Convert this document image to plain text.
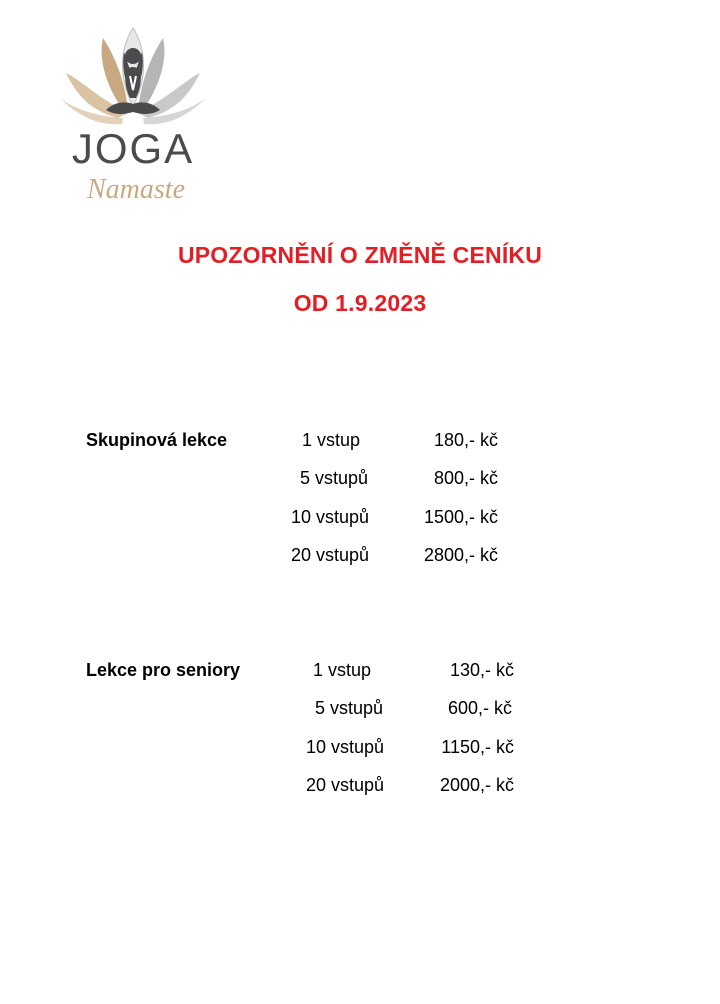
JOGA
Namaste
UPOZORNĚNÍ O ZMĚNĚ CENÍKU
OD 1.9.2023
Skupinová lekce	1 vstup	180,- kč
5 vstupů	800,- kč
10 vstupů	1500,- kč
20 vstupů	2800,- kč
Lekce pro seniory	1 vstup	130,- kč
5 vstupů	600,- kč
10 vstupů	1150,- kč
20 vstupů	2000,- kč
